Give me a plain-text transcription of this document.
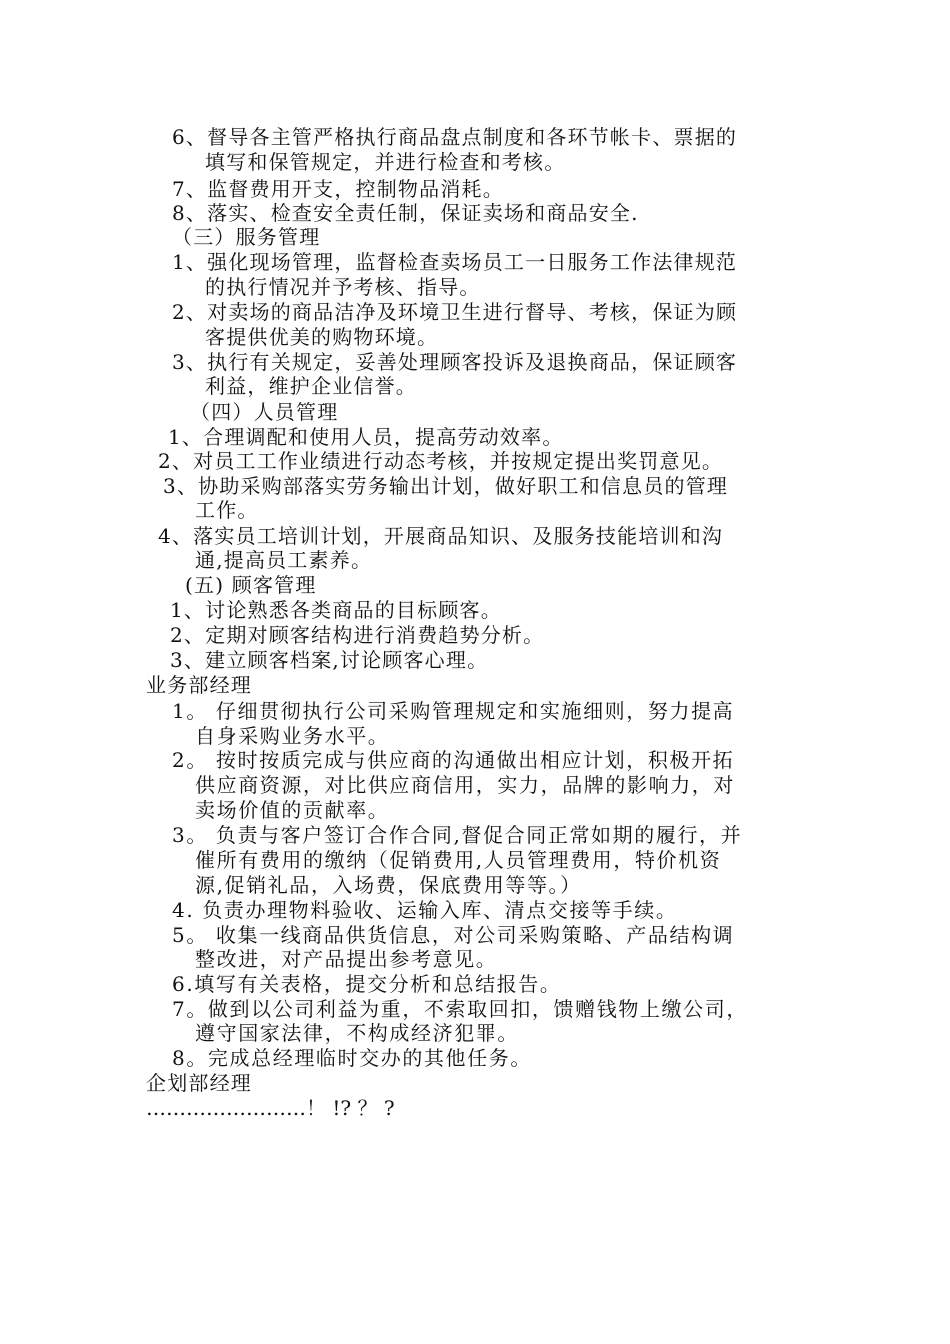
6、督导各主管严格执行商品盘点制度和各环节帐卡、票据的
填写和保管规定，并进行检查和考核。
7、监督费用开支，控制物品消耗。
8、落实、检查安全责任制，保证卖场和商品安全.
（三）服务管理
1、强化现场管理，监督检查卖场员工一日服务工作法律规范
的执行情况并予考核、指导。
2、对卖场的商品洁净及环境卫生进行督导、考核，保证为顾
客提供优美的购物环境。
3、执行有关规定，妥善处理顾客投诉及退换商品，保证顾客
利益，维护企业信誉。
（四）人员管理
1、合理调配和使用人员，提高劳动效率。
2、对员工工作业绩进行动态考核，并按规定提出奖罚意见。
3、协助采购部落实劳务输出计划，做好职工和信息员的管理
工作。
4、落实员工培训计划，开展商品知识、及服务技能培训和沟
通,提高员工素养。
(五) 顾客管理
1、讨论熟悉各类商品的目标顾客。
2、定期对顾客结构进行消费趋势分析。
3、建立顾客档案,讨论顾客心理。
业务部经理
1。 仔细贯彻执行公司采购管理规定和实施细则，努力提高
自身采购业务水平。
2。 按时按质完成与供应商的沟通做出相应计划，积极开拓
供应商资源，对比供应商信用，实力，品牌的影响力，对
卖场价值的贡献率。
3。 负责与客户签订合作合同,督促合同正常如期的履行，并
催所有费用的缴纳（促销费用,人员管理费用，特价机资
源,促销礼品，入场费，保底费用等等。）
4. 负责办理物料验收、运输入库、清点交接等手续。
5。 收集一线商品供货信息，对公司采购策略、产品结构调
整改进，对产品提出参考意见。
6.填写有关表格，提交分析和总结报告。
7。做到以公司利益为重，不索取回扣，馈赠钱物上缴公司，
遵守国家法律，不构成经济犯罪。
8。完成总经理临时交办的其他任务。
企划部经理
……………………！ !? ？ ?
